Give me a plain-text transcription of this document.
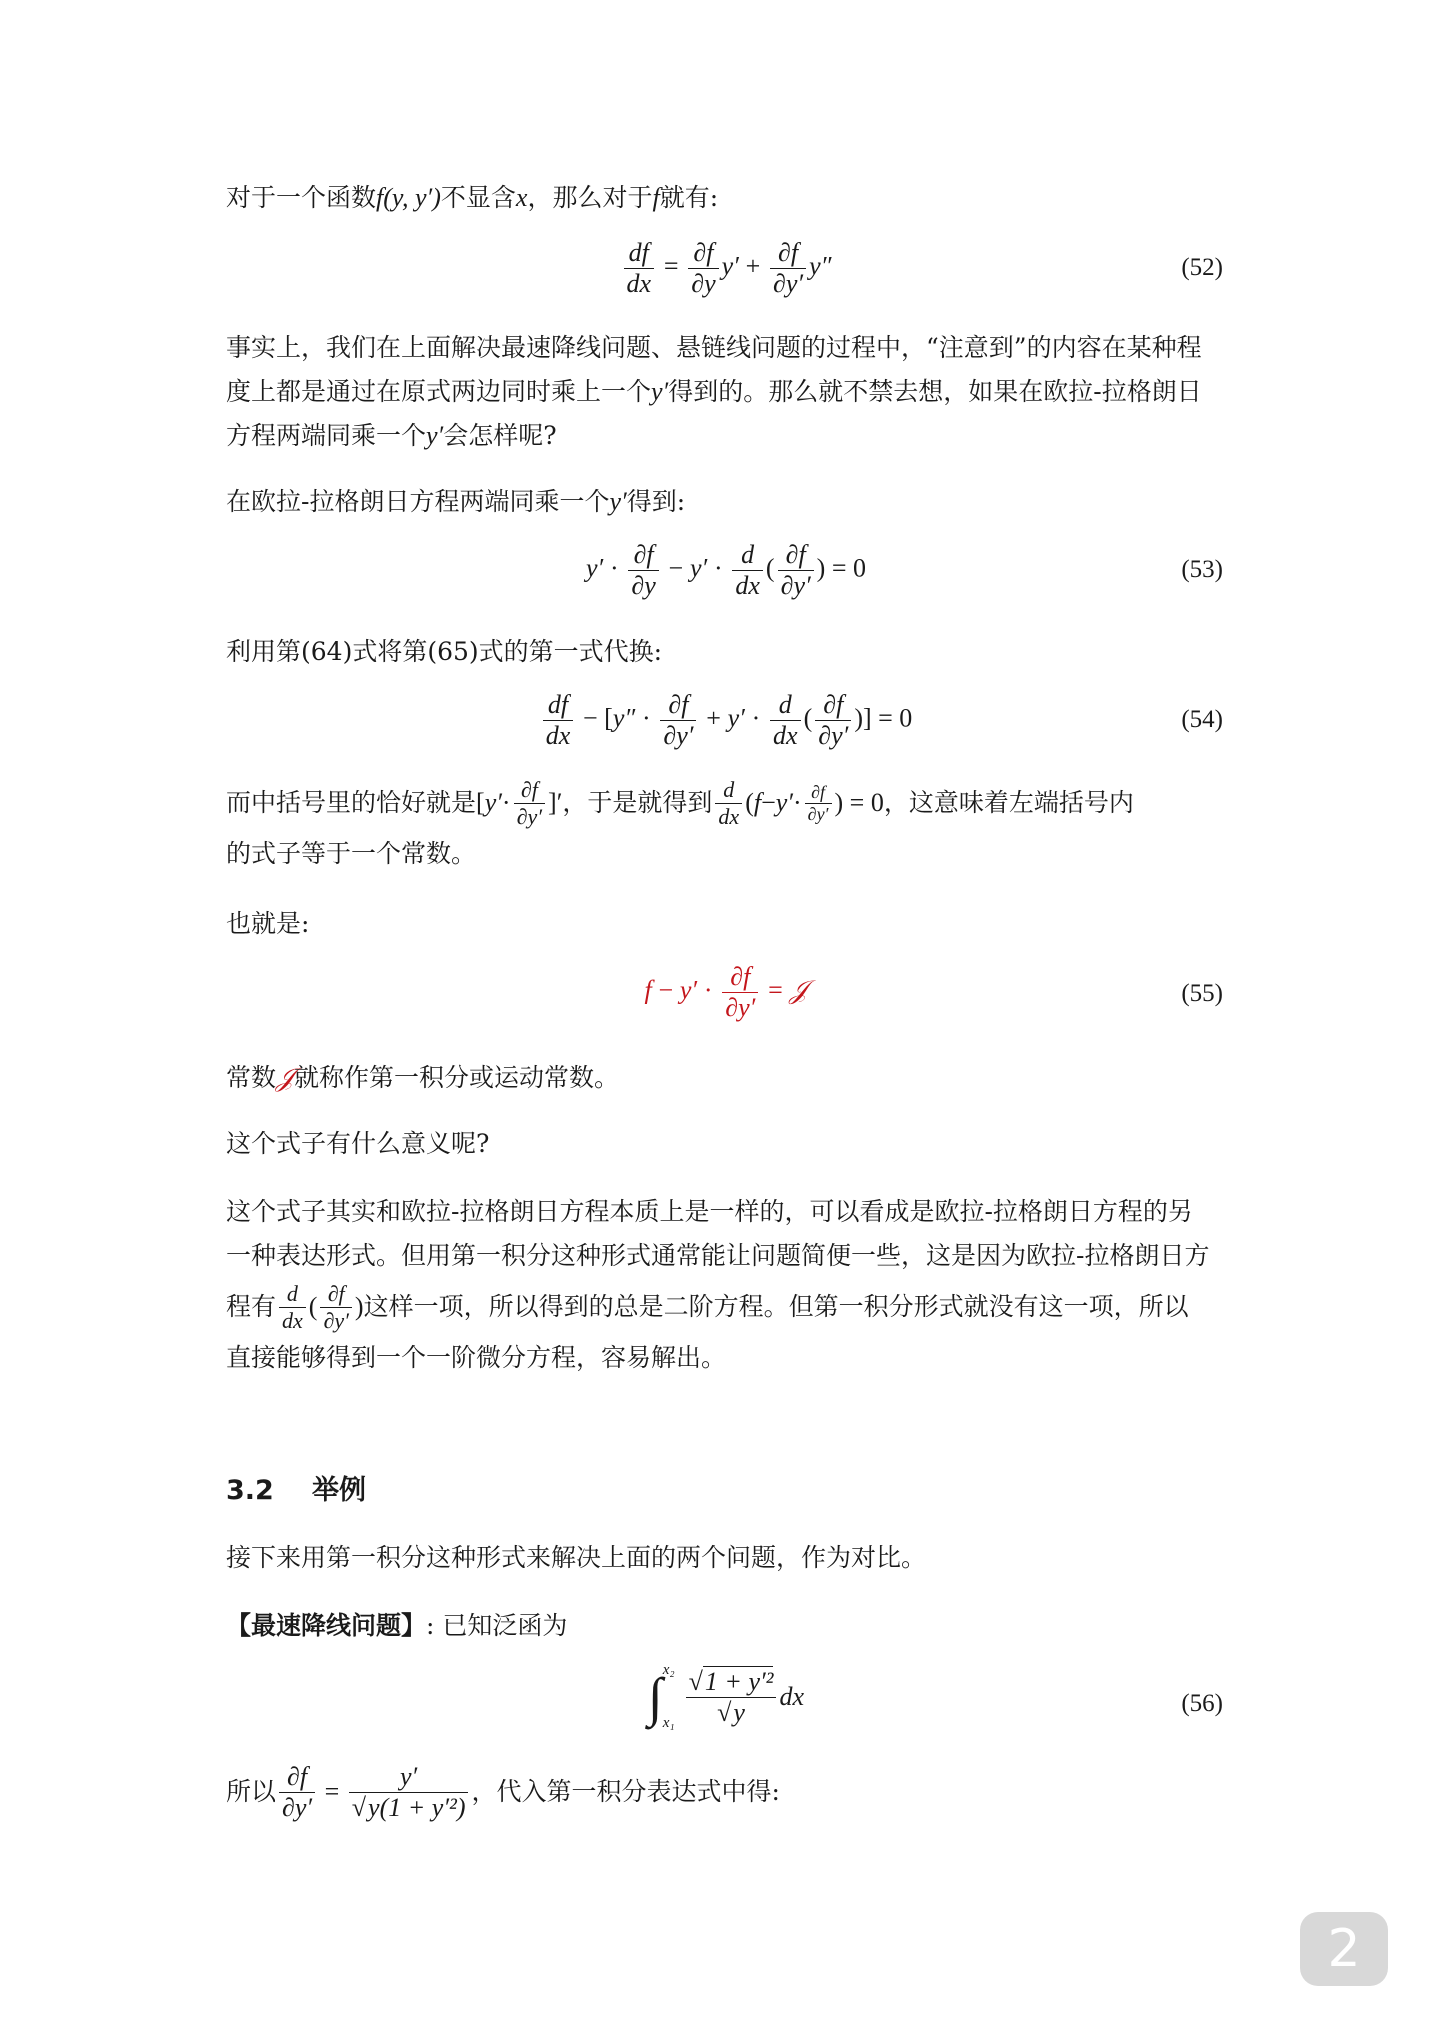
对于一个函数f(y, y′)不显含x，那么对于f就有:
$\frac{df}{dx} = \frac{\partial f}{\partial y} y' + \frac{\partial f}{\partial y'} y''$	(52)
事实上，我们在上面解决最速降线问题、悬链线问题的过程中，“注意到”的内容在某种程
度上都是通过在原式两边同时乘上一个y′得到的。那么就不禁去想，如果在欧拉-拉格朗日
方程两端同乘一个y′会怎样呢?
在欧拉-拉格朗日方程两端同乘一个y′得到:
$y' \cdot \frac{\partial f}{\partial y} - y' \cdot \frac{d}{dx}$ ( $\frac{\partial f}{\partial y'}$ ) = 0	(53)
利用第(64)式将第(65)式的第一式代换:
$\frac{df}{dx} - [y'' \cdot \frac{\partial f}{\partial y'} + y' \cdot \frac{d}{dx}$ ( $\frac{\partial f}{\partial y'}$ )] = 0	(54)
而中括号里的恰好就是 [ $y' \cdot \frac{\partial f}{\partial y'}$ ]′ ，于是就得到 $\frac{d}{dx}$ ( $f - y' \cdot \frac{\partial f}{\partial y'}$ ) = 0 ，这意味着左端括号内
的式子等于一个常数。
也就是:
$f - y' \cdot \frac{\partial f}{\partial y'}$ = 𝒥	(55)
常数𝒥就称作第一积分或运动常数。
这个式子有什么意义呢?
这个式子其实和欧拉-拉格朗日方程本质上是一样的，可以看成是欧拉-拉格朗日方程的另
一种表达形式。但用第一积分这种形式通常能让问题简便一些，这是因为欧拉-拉格朗日方
程有 $\frac{d}{dx}$ ( $\frac{\partial f}{\partial y'}$ ) 这样一项，所以得到的总是二阶方程。但第一积分形式就没有这一项，所以
直接能够得到一个一阶微分方程，容易解出。
3.2 举例
接下来用第一积分这种形式来解决上面的两个问题，作为对比。
【最速降线问题】: 已知泛函为
∫ x₂
$x_1 \frac{\text{√1 + y′²}}{√y}$ dx	(56)
所以 $\frac{\partial f}{\partial y'} = \frac{y'}{\text{√y(1 + y′²)}}$ ，代入第一积分表达式中得:
2
